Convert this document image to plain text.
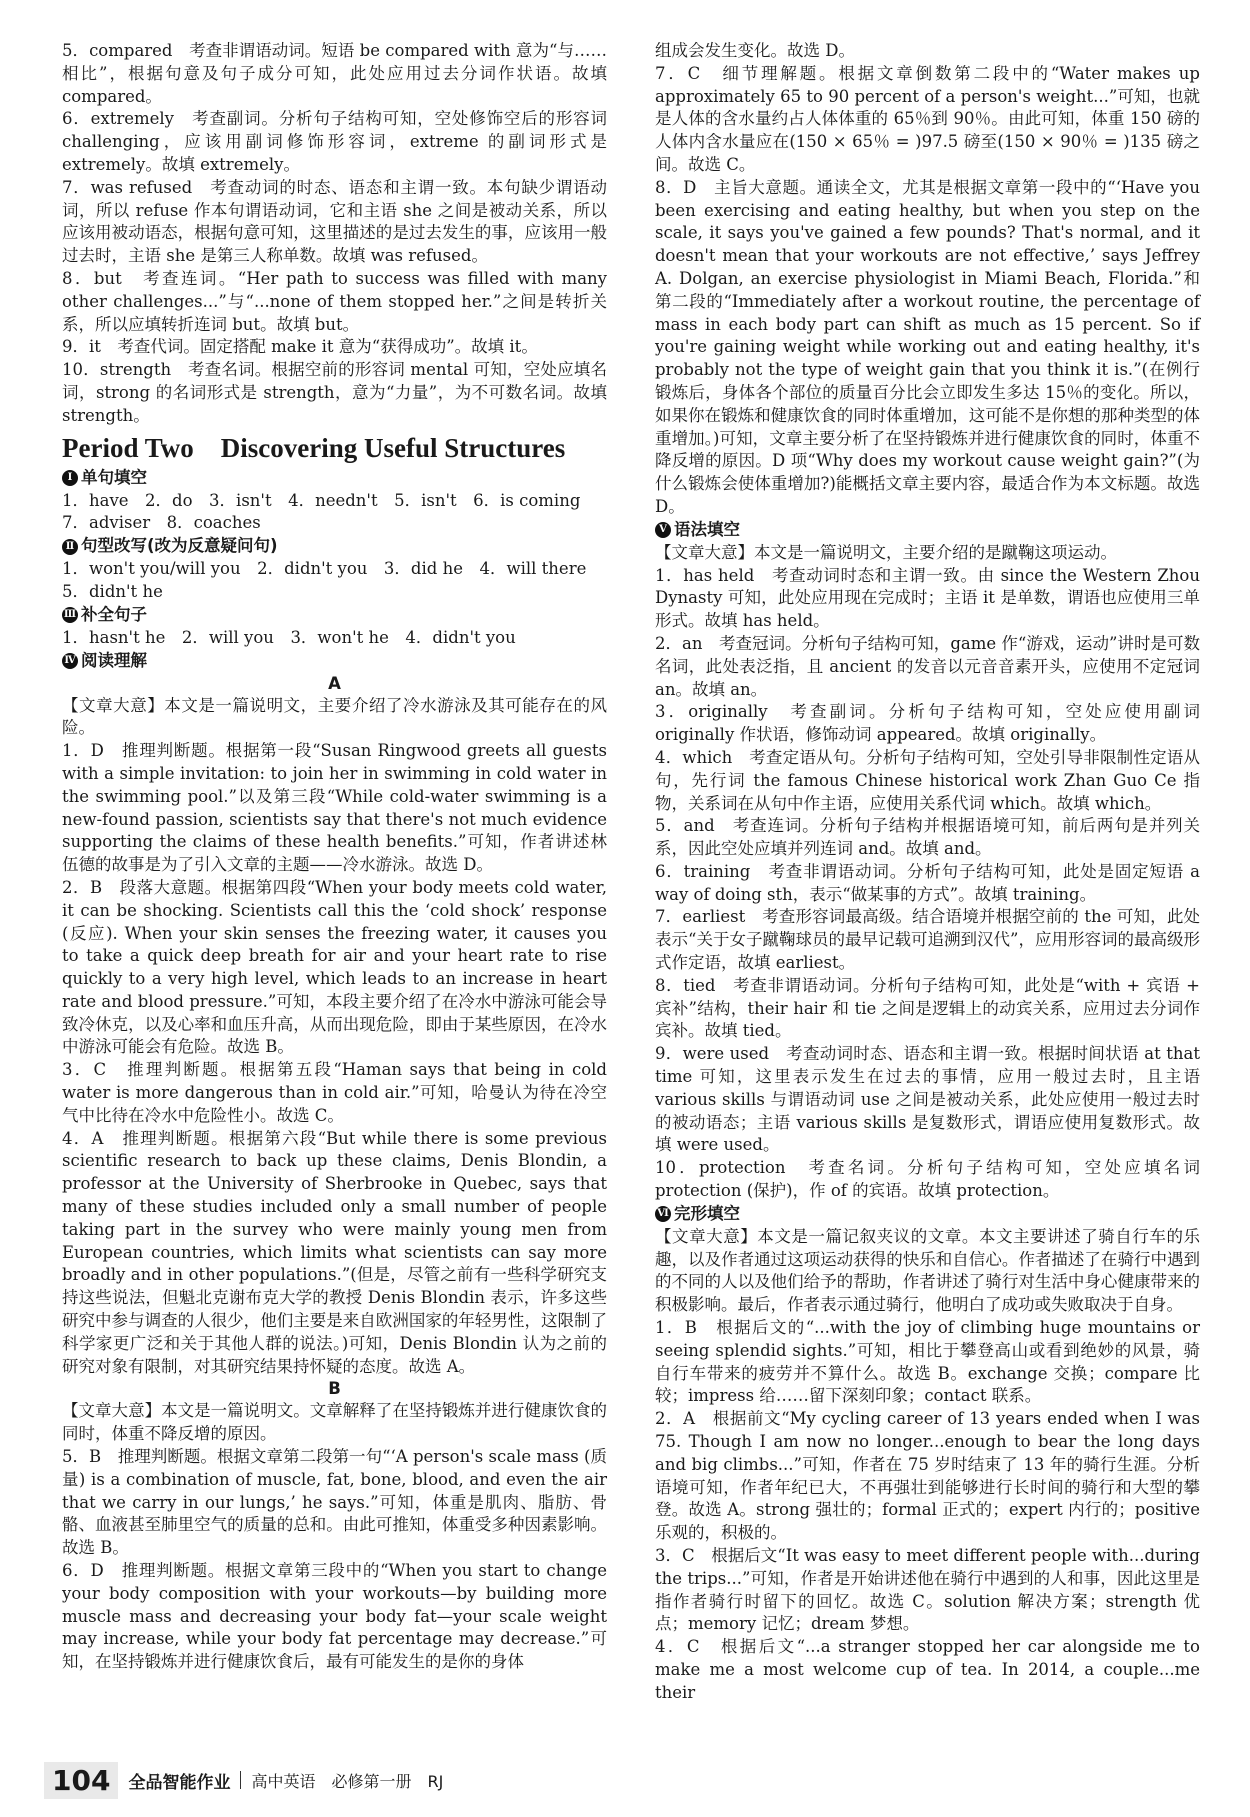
5．compared　考查非谓语动词。短语 be compared with 意为“与……相比”，根据句意及句子成分可知，此处应用过去分词作状语。故填 compared。

6．extremely　考查副词。分析句子结构可知，空处修饰空后的形容词 challenging，应该用副词修饰形容词，extreme 的副词形式是 extremely。故填 extremely。

7．was refused　考查动词的时态、语态和主谓一致。本句缺少谓语动词，所以 refuse 作本句谓语动词，它和主语 she 之间是被动关系，所以应该用被动语态，根据句意可知，这里描述的是过去发生的事，应该用一般过去时，主语 she 是第三人称单数。故填 was refused。

8．but　考查连词。“Her path to success was filled with many other challenges...”与“...none of them stopped her.”之间是转折关系，所以应填转折连词 but。故填 but。

9．it　考查代词。固定搭配 make it 意为“获得成功”。故填 it。

10．strength　考查名词。根据空前的形容词 mental 可知，空处应填名词，strong 的名词形式是 strength，意为“力量”，为不可数名词。故填 strength。

Period Two　Discovering Useful Structures
Ⅰ 单句填空

1．have　2．do　3．isn't　4．needn't　5．isn't　6．is coming

7．adviser　8．coaches

Ⅱ 句型改写(改为反意疑问句)

1．won't you/will you　2．didn't you　3．did he　4．will there

5．didn't he

Ⅲ 补全句子

1．hasn't he　2．will you　3．won't he　4．didn't you

Ⅳ 阅读理解
A

【文章大意】本文是一篇说明文，主要介绍了冷水游泳及其可能存在的风险。

1．D　推理判断题。根据第一段“Susan Ringwood greets all guests with a simple invitation: to join her in swimming in cold water in the swimming pool.”以及第三段“While cold-water swimming is a new-found passion, scientists say that there's not much evidence supporting the claims of these health benefits.”可知，作者讲述林伍德的故事是为了引入文章的主题——冷水游泳。故选 D。

2．B　段落大意题。根据第四段“When your body meets cold water, it can be shocking. Scientists call this the ‘cold shock’ response (反应). When your skin senses the freezing water, it causes you to take a quick deep breath for air and your heart rate to rise quickly to a very high level, which leads to an increase in heart rate and blood pressure.”可知，本段主要介绍了在冷水中游泳可能会导致冷休克，以及心率和血压升高，从而出现危险，即由于某些原因，在冷水中游泳可能会有危险。故选 B。

3．C　推理判断题。根据第五段“Haman says that being in cold water is more dangerous than in cold air.”可知，哈曼认为待在冷空气中比待在冷水中危险性小。故选 C。

4．A　推理判断题。根据第六段“But while there is some previous scientific research to back up these claims, Denis Blondin, a professor at the University of Sherbrooke in Quebec, says that many of these studies included only a small number of people taking part in the survey who were mainly young men from European countries, which limits what scientists can say more broadly and in other populations.”(但是，尽管之前有一些科学研究支持这些说法，但魁北克谢布克大学的教授 Denis Blondin 表示，许多这些研究中参与调查的人很少，他们主要是来自欧洲国家的年轻男性，这限制了科学家更广泛和关于其他人群的说法。)可知，Denis Blondin 认为之前的研究对象有限制，对其研究结果持怀疑的态度。故选 A。

B

【文章大意】本文是一篇说明文。文章解释了在坚持锻炼并进行健康饮食的同时，体重不降反增的原因。

5．B　推理判断题。根据文章第二段第一句“‘A person's scale mass (质量) is a combination of muscle, fat, bone, blood, and even the air that we carry in our lungs,’ he says.”可知，体重是肌肉、脂肪、骨骼、血液甚至肺里空气的质量的总和。由此可推知，体重受多种因素影响。故选 B。

6．D　推理判断题。根据文章第三段中的“When you start to change your body composition with your workouts—by building more muscle mass and decreasing your body fat—your scale weight may increase, while your body fat percentage may decrease.”可知，在坚持锻炼并进行健康饮食后，最有可能发生的是你的身体

组成会发生变化。故选 D。

7．C　细节理解题。根据文章倒数第二段中的“Water makes up approximately 65 to 90 percent of a person's weight...”可知，也就是人体的含水量约占人体体重的 65％到 90％。由此可知，体重 150 磅的人体内含水量应在(150 × 65％ = )97.5 磅至(150 × 90％ = )135 磅之间。故选 C。

8．D　主旨大意题。通读全文，尤其是根据文章第一段中的“‘Have you been exercising and eating healthy, but when you step on the scale, it says you've gained a few pounds? That's normal, and it doesn't mean that your workouts are not effective,’ says Jeffrey A. Dolgan, an exercise physiologist in Miami Beach, Florida.”和第二段的“Immediately after a workout routine, the percentage of mass in each body part can shift as much as 15 percent. So if you're gaining weight while working out and eating healthy, it's probably not the type of weight gain that you think it is.”(在例行锻炼后，身体各个部位的质量百分比会立即发生多达 15％的变化。所以，如果你在锻炼和健康饮食的同时体重增加，这可能不是你想的那种类型的体重增加。)可知，文章主要分析了在坚持锻炼并进行健康饮食的同时，体重不降反增的原因。D 项“Why does my workout cause weight gain?”(为什么锻炼会使体重增加?)能概括文章主要内容，最适合作为本文标题。故选 D。

Ⅴ 语法填空

【文章大意】本文是一篇说明文，主要介绍的是蹴鞠这项运动。

1．has held　考查动词时态和主谓一致。由 since the Western Zhou Dynasty 可知，此处应用现在完成时；主语 it 是单数，谓语也应使用三单形式。故填 has held。

2．an　考查冠词。分析句子结构可知，game 作“游戏，运动”讲时是可数名词，此处表泛指，且 ancient 的发音以元音音素开头，应使用不定冠词 an。故填 an。

3．originally　考查副词。分析句子结构可知，空处应使用副词 originally 作状语，修饰动词 appeared。故填 originally。

4．which　考查定语从句。分析句子结构可知，空处引导非限制性定语从句，先行词 the famous Chinese historical work Zhan Guo Ce 指物，关系词在从句中作主语，应使用关系代词 which。故填 which。

5．and　考查连词。分析句子结构并根据语境可知，前后两句是并列关系，因此空处应填并列连词 and。故填 and。

6．training　考查非谓语动词。分析句子结构可知，此处是固定短语 a way of doing sth，表示“做某事的方式”。故填 training。

7．earliest　考查形容词最高级。结合语境并根据空前的 the 可知，此处表示“关于女子蹴鞠球员的最早记载可追溯到汉代”，应用形容词的最高级形式作定语，故填 earliest。

8．tied　考查非谓语动词。分析句子结构可知，此处是“with + 宾语 + 宾补”结构，their hair 和 tie 之间是逻辑上的动宾关系，应用过去分词作宾补。故填 tied。

9．were used　考查动词时态、语态和主谓一致。根据时间状语 at that time 可知，这里表示发生在过去的事情，应用一般过去时，且主语 various skills 与谓语动词 use 之间是被动关系，此处应使用一般过去时的被动语态；主语 various skills 是复数形式，谓语应使用复数形式。故填 were used。

10．protection　考查名词。分析句子结构可知，空处应填名词 protection (保护)，作 of 的宾语。故填 protection。

Ⅵ 完形填空

【文章大意】本文是一篇记叙夹议的文章。本文主要讲述了骑自行车的乐趣，以及作者通过这项运动获得的快乐和自信心。作者描述了在骑行中遇到的不同的人以及他们给予的帮助，作者讲述了骑行对生活中身心健康带来的积极影响。最后，作者表示通过骑行，他明白了成功或失败取决于自身。

1．B　根据后文的“...with the joy of climbing huge mountains or seeing splendid sights.”可知，相比于攀登高山或看到绝妙的风景，骑自行车带来的疲劳并不算什么。故选 B。exchange 交换；compare 比较；impress 给……留下深刻印象；contact 联系。

2．A　根据前文“My cycling career of 13 years ended when I was 75. Though I am now no longer...enough to bear the long days and big climbs...”可知，作者在 75 岁时结束了 13 年的骑行生涯。分析语境可知，作者年纪已大，不再强壮到能够进行长时间的骑行和大型的攀登。故选 A。strong 强壮的；formal 正式的；expert 内行的；positive 乐观的，积极的。

3．C　根据后文“It was easy to meet different people with...during the trips...”可知，作者是开始讲述他在骑行中遇到的人和事，因此这里是指作者骑行时留下的回忆。故选 C。solution 解决方案；strength 优点；memory 记忆；dream 梦想。

4．C　根据后文“...a stranger stopped her car alongside me to make me a most welcome cup of tea. In 2014, a couple...me their

104	全品智能作业 高中英语　必修第一册　RJ
